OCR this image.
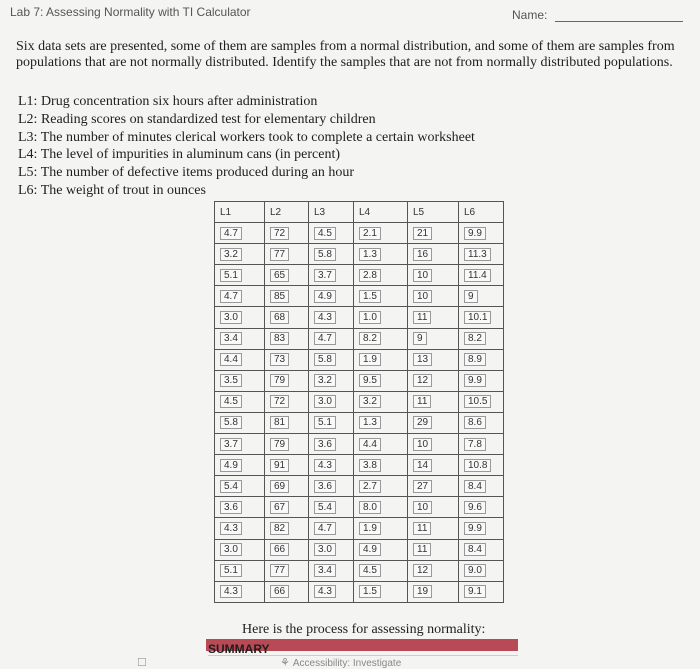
Lab 7: Assessing Normality with TI Calculator	Name:

Six data sets are presented, some of them are samples from a normal distribution, and some of them are samples from populations that are not normally distributed. Identify the samples that are not from normally distributed populations.

L1: Drug concentration six hours after administration
L2: Reading scores on standardized test for elementary children
L3: The number of minutes clerical workers took to complete a certain worksheet
L4: The level of impurities in aluminum cans (in percent)
L5: The number of defective items produced during an hour
L6: The weight of trout in ounces
L1	L2	L3	L4	L5	L6
4.7	72	4.5	2.1	21	9.9
3.2	77	5.8	1.3	16	11.3
5.1	65	3.7	2.8	10	11.4
4.7	85	4.9	1.5	10	9
3.0	68	4.3	1.0	11	10.1
3.4	83	4.7	8.2	9	8.2
4.4	73	5.8	1.9	13	8.9
3.5	79	3.2	9.5	12	9.9
4.5	72	3.0	3.2	11	10.5
5.8	81	5.1	1.3	29	8.6
3.7	79	3.6	4.4	10	7.8
4.9	91	4.3	3.8	14	10.8
5.4	69	3.6	2.7	27	8.4
3.6	67	5.4	8.0	10	9.6
4.3	82	4.7	1.9	11	9.9
3.0	66	3.0	4.9	11	8.4
5.1	77	3.4	4.5	12	9.0
4.3	66	4.3	1.5	19	9.1

Here is the process for assessing normality:

SUMMARY
☐	⚘ Accessibility: Investigate
